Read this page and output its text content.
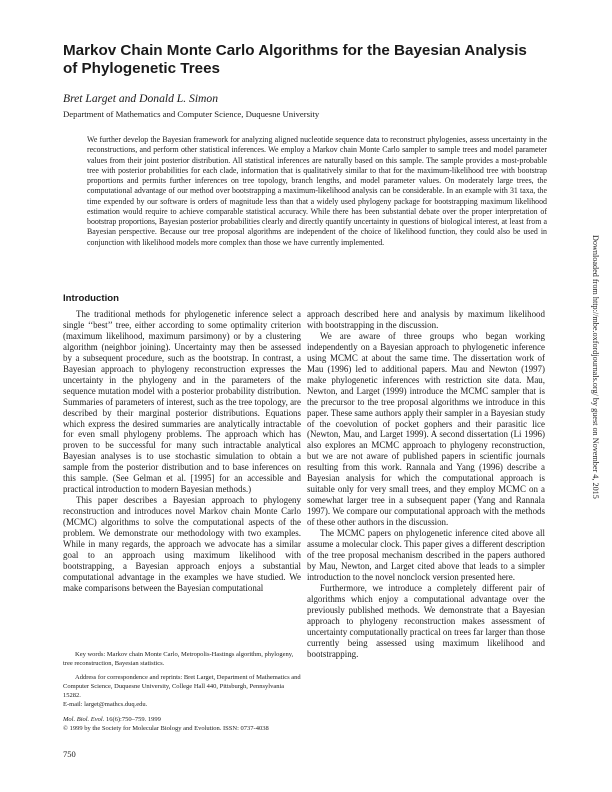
Markov Chain Monte Carlo Algorithms for the Bayesian Analysis of Phylogenetic Trees
Bret Larget and Donald L. Simon
Department of Mathematics and Computer Science, Duquesne University
We further develop the Bayesian framework for analyzing aligned nucleotide sequence data to reconstruct phylogenies, assess uncertainty in the reconstructions, and perform other statistical inferences. We employ a Markov chain Monte Carlo sampler to sample trees and model parameter values from their joint posterior distribution. All statistical inferences are naturally based on this sample. The sample provides a most-probable tree with posterior probabilities for each clade, information that is qualitatively similar to that for the maximum-likelihood tree with bootstrap proportions and permits further inferences on tree topology, branch lengths, and model parameter values. On moderately large trees, the computational advantage of our method over bootstrapping a maximum-likelihood analysis can be considerable. In an example with 31 taxa, the time expended by our software is orders of magnitude less than that a widely used phylogeny package for bootstrapping maximum likelihood estimation would require to achieve comparable statistical accuracy. While there has been substantial debate over the proper interpretation of bootstrap proportions, Bayesian posterior probabilities clearly and directly quantify uncertainty in questions of biological interest, at least from a Bayesian perspective. Because our tree proposal algorithms are independent of the choice of likelihood function, they could also be used in conjunction with likelihood models more complex than those we have currently implemented.	Downloaded from http://mbe.oxfordjournals.org/ by guest on November 4, 2015
Introduction

The traditional methods for phylogenetic inference select a single ‘‘best’’ tree, either according to some optimality criterion (maximum likelihood, maximum parsimony) or by a clustering algorithm (neighbor joining). Uncertainty may then be assessed by a subsequent procedure, such as the bootstrap. In contrast, a Bayesian approach to phylogeny reconstruction expresses the uncertainty in the phylogeny and in the parameters of the sequence mutation model with a posterior probability distribution. Summaries of parameters of interest, such as the tree topology, are described by their marginal posterior distributions. Equations which express the desired summaries are analytically intractable for even small phylogeny problems. The approach which has proven to be successful for many such intractable analytical Bayesian analyses is to use stochastic simulation to obtain a sample from the posterior distribution and to base inferences on this sample. (See Gelman et al. [1995] for an accessible and practical introduction to modern Bayesian methods.)

This paper describes a Bayesian approach to phylogeny reconstruction and introduces novel Markov chain Monte Carlo (MCMC) algorithms to solve the computational aspects of the problem. We demonstrate our methodology with two examples. While in many regards, the approach we advocate has a similar goal to an approach using maximum likelihood with bootstrapping, a Bayesian approach enjoys a substantial computational advantage in the examples we have studied. We make comparisons between the Bayesian computational

approach described here and analysis by maximum likelihood with bootstrapping in the discussion.

We are aware of three groups who began working independently on a Bayesian approach to phylogenetic inference using MCMC at about the same time. The dissertation work of Mau (1996) led to additional papers. Mau and Newton (1997) make phylogenetic inferences with restriction site data. Mau, Newton, and Larget (1999) introduce the MCMC sampler that is the precursor to the tree proposal algorithms we introduce in this paper. These same authors apply their sampler in a Bayesian study of the coevolution of pocket gophers and their parasitic lice (Newton, Mau, and Larget 1999). A second dissertation (Li 1996) also explores an MCMC approach to phylogeny reconstruction, but we are not aware of published papers in scientific journals resulting from this work. Rannala and Yang (1996) describe a Bayesian analysis for which the computational approach is suitable only for very small trees, and they employ MCMC on a somewhat larger tree in a subsequent paper (Yang and Rannala 1997). We compare our computational approach with the methods of these other authors in the discussion.

The MCMC papers on phylogenetic inference cited above all assume a molecular clock. This paper gives a different description of the tree proposal mechanism described in the papers authored by Mau, Newton, and Larget cited above that leads to a simpler introduction to the novel nonclock version presented here.

Furthermore, we introduce a completely different pair of algorithms which enjoy a computational advantage over the previously published methods. We demonstrate that a Bayesian approach to phylogeny reconstruction makes assessment of uncertainty computationally practical on trees far larger than those currently being assessed using maximum likelihood and bootstrapping.

Key words: Markov chain Monte Carlo, Metropolis-Hastings algorithm, phylogeny, tree reconstruction, Bayesian statistics.
Address for correspondence and reprints: Bret Larget, Department of Mathematics and Computer Science, Duquesne University, College Hall 440, Pittsburgh, Pennsylvania 15282.
E-mail: larget@mathcs.duq.edu.
Mol. Biol. Evol. 16(6):750–759. 1999
© 1999 by the Society for Molecular Biology and Evolution. ISSN: 0737-4038
750
